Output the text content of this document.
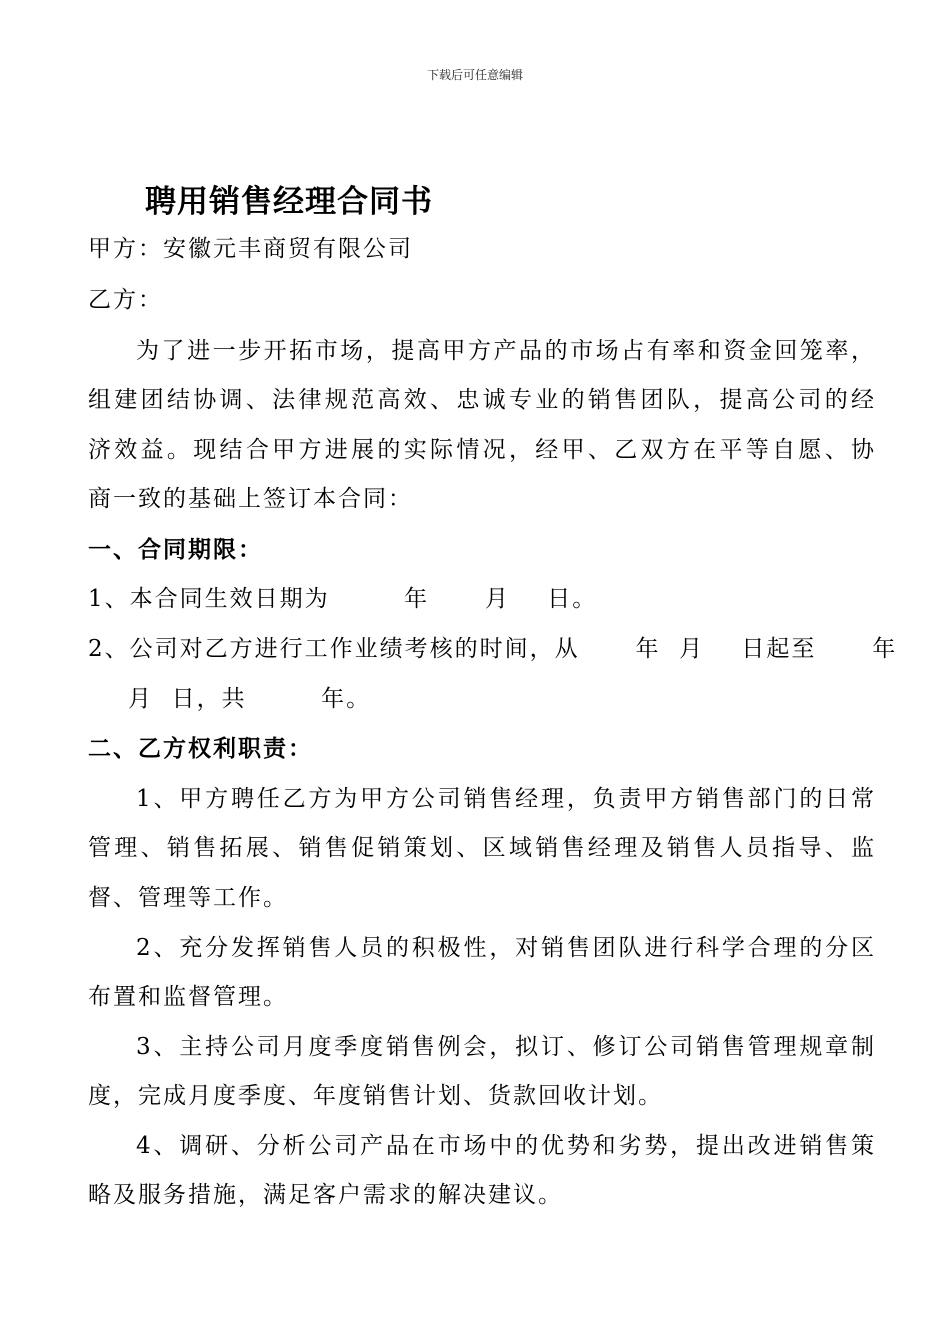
下载后可任意编辑
聘用销售经理合同书
甲方：安徽元丰商贸有限公司
乙方：
为了进一步开拓市场，提高甲方产品的市场占有率和资金回笼率，
组建团结协调、法律规范高效、忠诚专业的销售团队，提高公司的经
济效益。现结合甲方进展的实际情况，经甲、乙双方在平等自愿、协
商一致的基础上签订本合同：
一、合同期限：
1、本合同生效日期为        年      月    日。
2、公司对乙方进行工作业绩考核的时间，从      年  月    日起至      年
月  日，共        年。
二、乙方权利职责：
1、甲方聘任乙方为甲方公司销售经理，负责甲方销售部门的日常
管理、销售拓展、销售促销策划、区域销售经理及销售人员指导、监
督、管理等工作。
2、充分发挥销售人员的积极性，对销售团队进行科学合理的分区
布置和监督管理。
3、主持公司月度季度销售例会，拟订、修订公司销售管理规章制
度，完成月度季度、年度销售计划、货款回收计划。
4、调研、分析公司产品在市场中的优势和劣势，提出改进销售策
略及服务措施，满足客户需求的解决建议。
